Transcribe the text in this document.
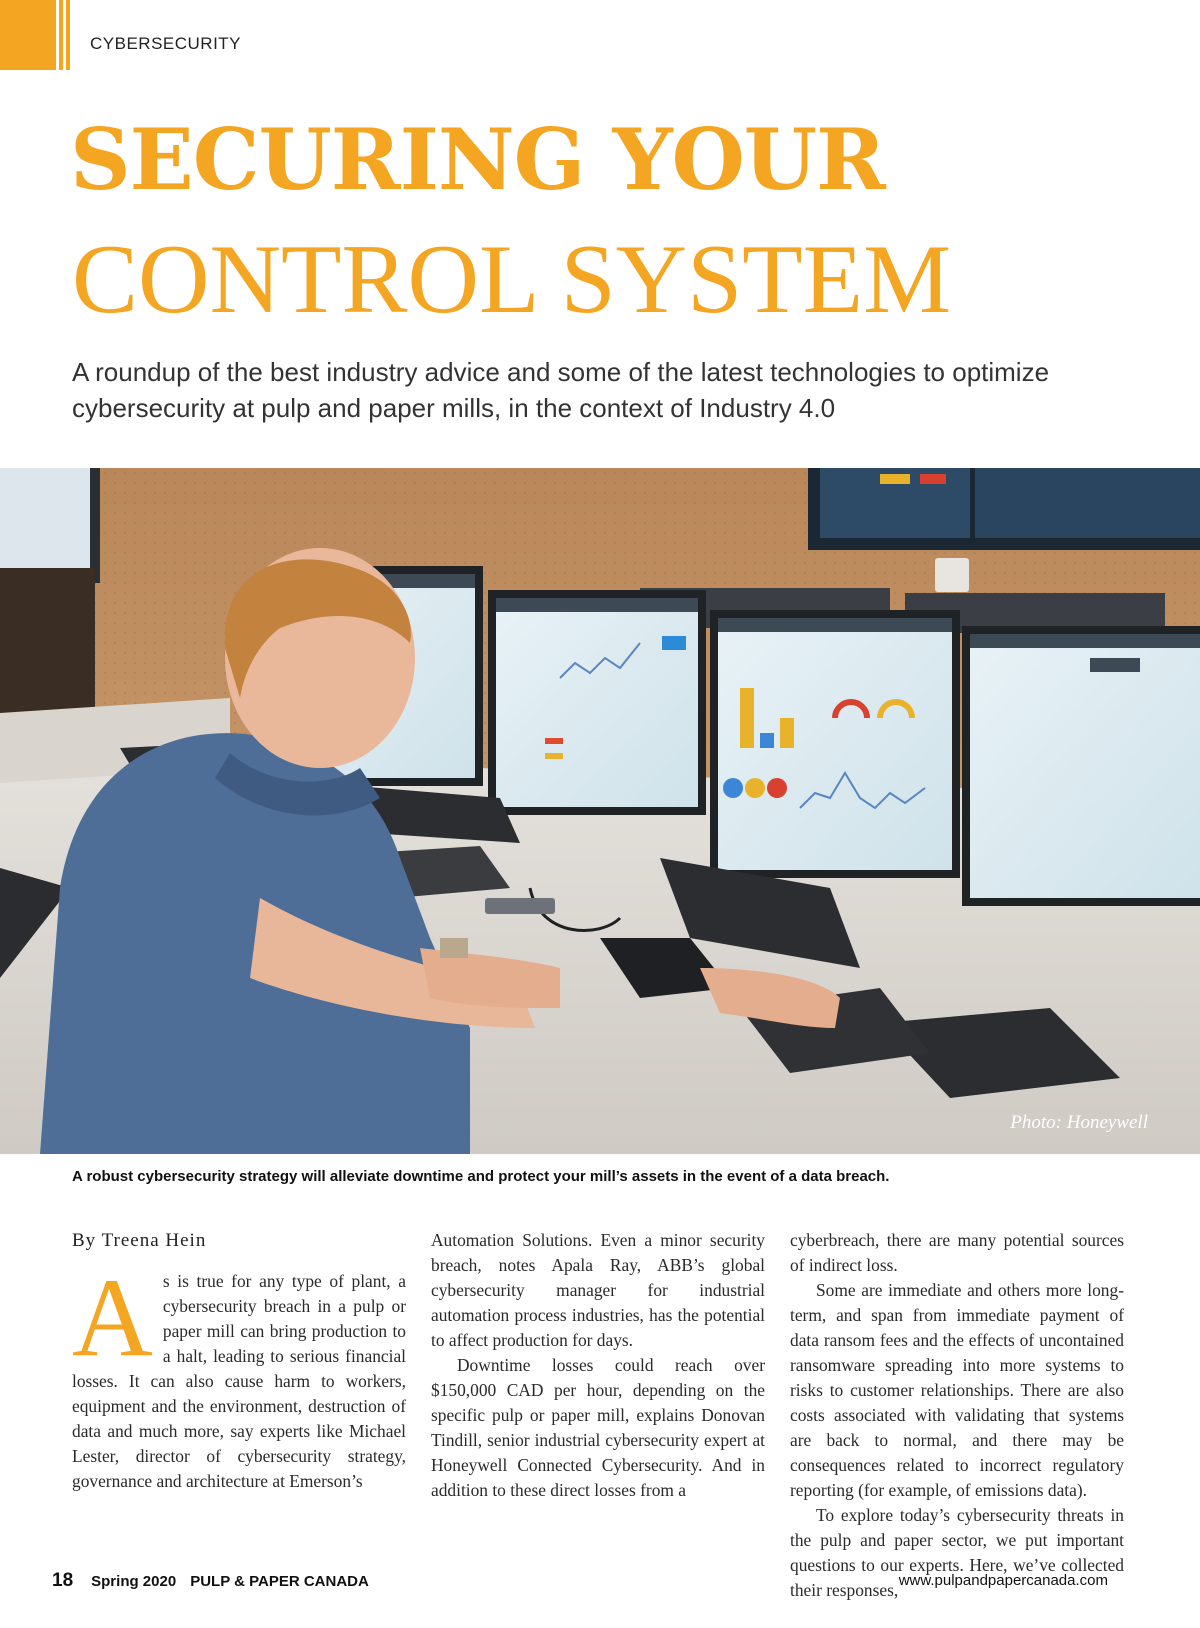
CYBERSECURITY
SECURING YOUR
CONTROL SYSTEM
A roundup of the best industry advice and some of the latest technologies to optimize cybersecurity at pulp and paper mills, in the context of Industry 4.0
Photo: Honeywell
A robust cybersecurity strategy will alleviate downtime and protect your mill’s assets in the event of a data breach.
By Treena Hein

As is true for any type of plant, a cybersecurity breach in a pulp or paper mill can bring production to a halt, leading to serious financial losses. It can also cause harm to workers, equipment and the environment, destruction of data and much more, say experts like Michael Lester, director of cybersecurity strategy, governance and architecture at Emerson’s

Automation Solutions. Even a minor security breach, notes Apala Ray, ABB’s global cybersecurity manager for industrial automation process industries, has the potential to affect production for days.

Downtime losses could reach over $150,000 CAD per hour, depending on the specific pulp or paper mill, explains Donovan Tindill, senior industrial cybersecurity expert at Honeywell Connected Cybersecurity. And in addition to these direct losses from a

cyberbreach, there are many potential sources of indirect loss.

Some are immediate and others more long-term, and span from immediate payment of data ransom fees and the effects of uncontained ransomware spreading into more systems to risks to customer relationships. There are also costs associated with validating that systems are back to normal, and there may be consequences related to incorrect regulatory reporting (for example, of emissions data).

To explore today’s cybersecurity threats in the pulp and paper sector, we put important questions to our experts. Here, we’ve collected their responses,

18 Spring 2020 PULP & PAPER CANADA	www.pulpandpapercanada.com
